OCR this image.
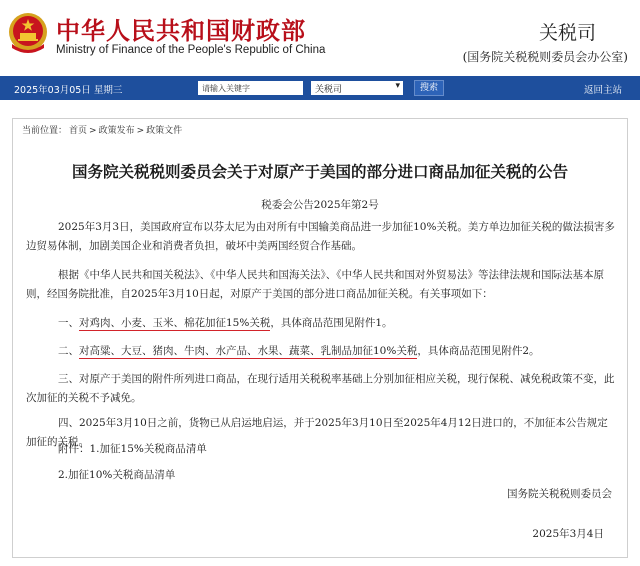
中华人民共和国财政部
Ministry of Finance of the People's Republic of China
关税司
(国务院关税税则委员会办公室)
2025年03月05日 星期三
请输入关键字	关税司	▾	搜索	返回主站
当前位置： 首页 > 政策发布 > 政策文件
国务院关税税则委员会关于对原产于美国的部分进口商品加征关税的公告
税委会公告2025年第2号
2025年3月3日，美国政府宣布以芬太尼为由对所有中国输美商品进一步加征10%关税。美方单边加征关税的做法损害多边贸易体制，加剧美国企业和消费者负担，破坏中美两国经贸合作基础。
根据《中华人民共和国关税法》、《中华人民共和国海关法》、《中华人民共和国对外贸易法》等法律法规和国际法基本原则，经国务院批准，自2025年3月10日起，对原产于美国的部分进口商品加征关税。有关事项如下：
一、对鸡肉、小麦、玉米、棉花加征15%关税，具体商品范围见附件1。
二、对高粱、大豆、猪肉、牛肉、水产品、水果、蔬菜、乳制品加征10%关税，具体商品范围见附件2。
三、对原产于美国的附件所列进口商品，在现行适用关税税率基础上分别加征相应关税，现行保税、减免税政策不变，此次加征的关税不予减免。
四、2025年3月10日之前，货物已从启运地启运，并于2025年3月10日至2025年4月12日进口的，不加征本公告规定加征的关税。
附件：1.加征15%关税商品清单
2.加征10%关税商品清单
国务院关税税则委员会
2025年3月4日
